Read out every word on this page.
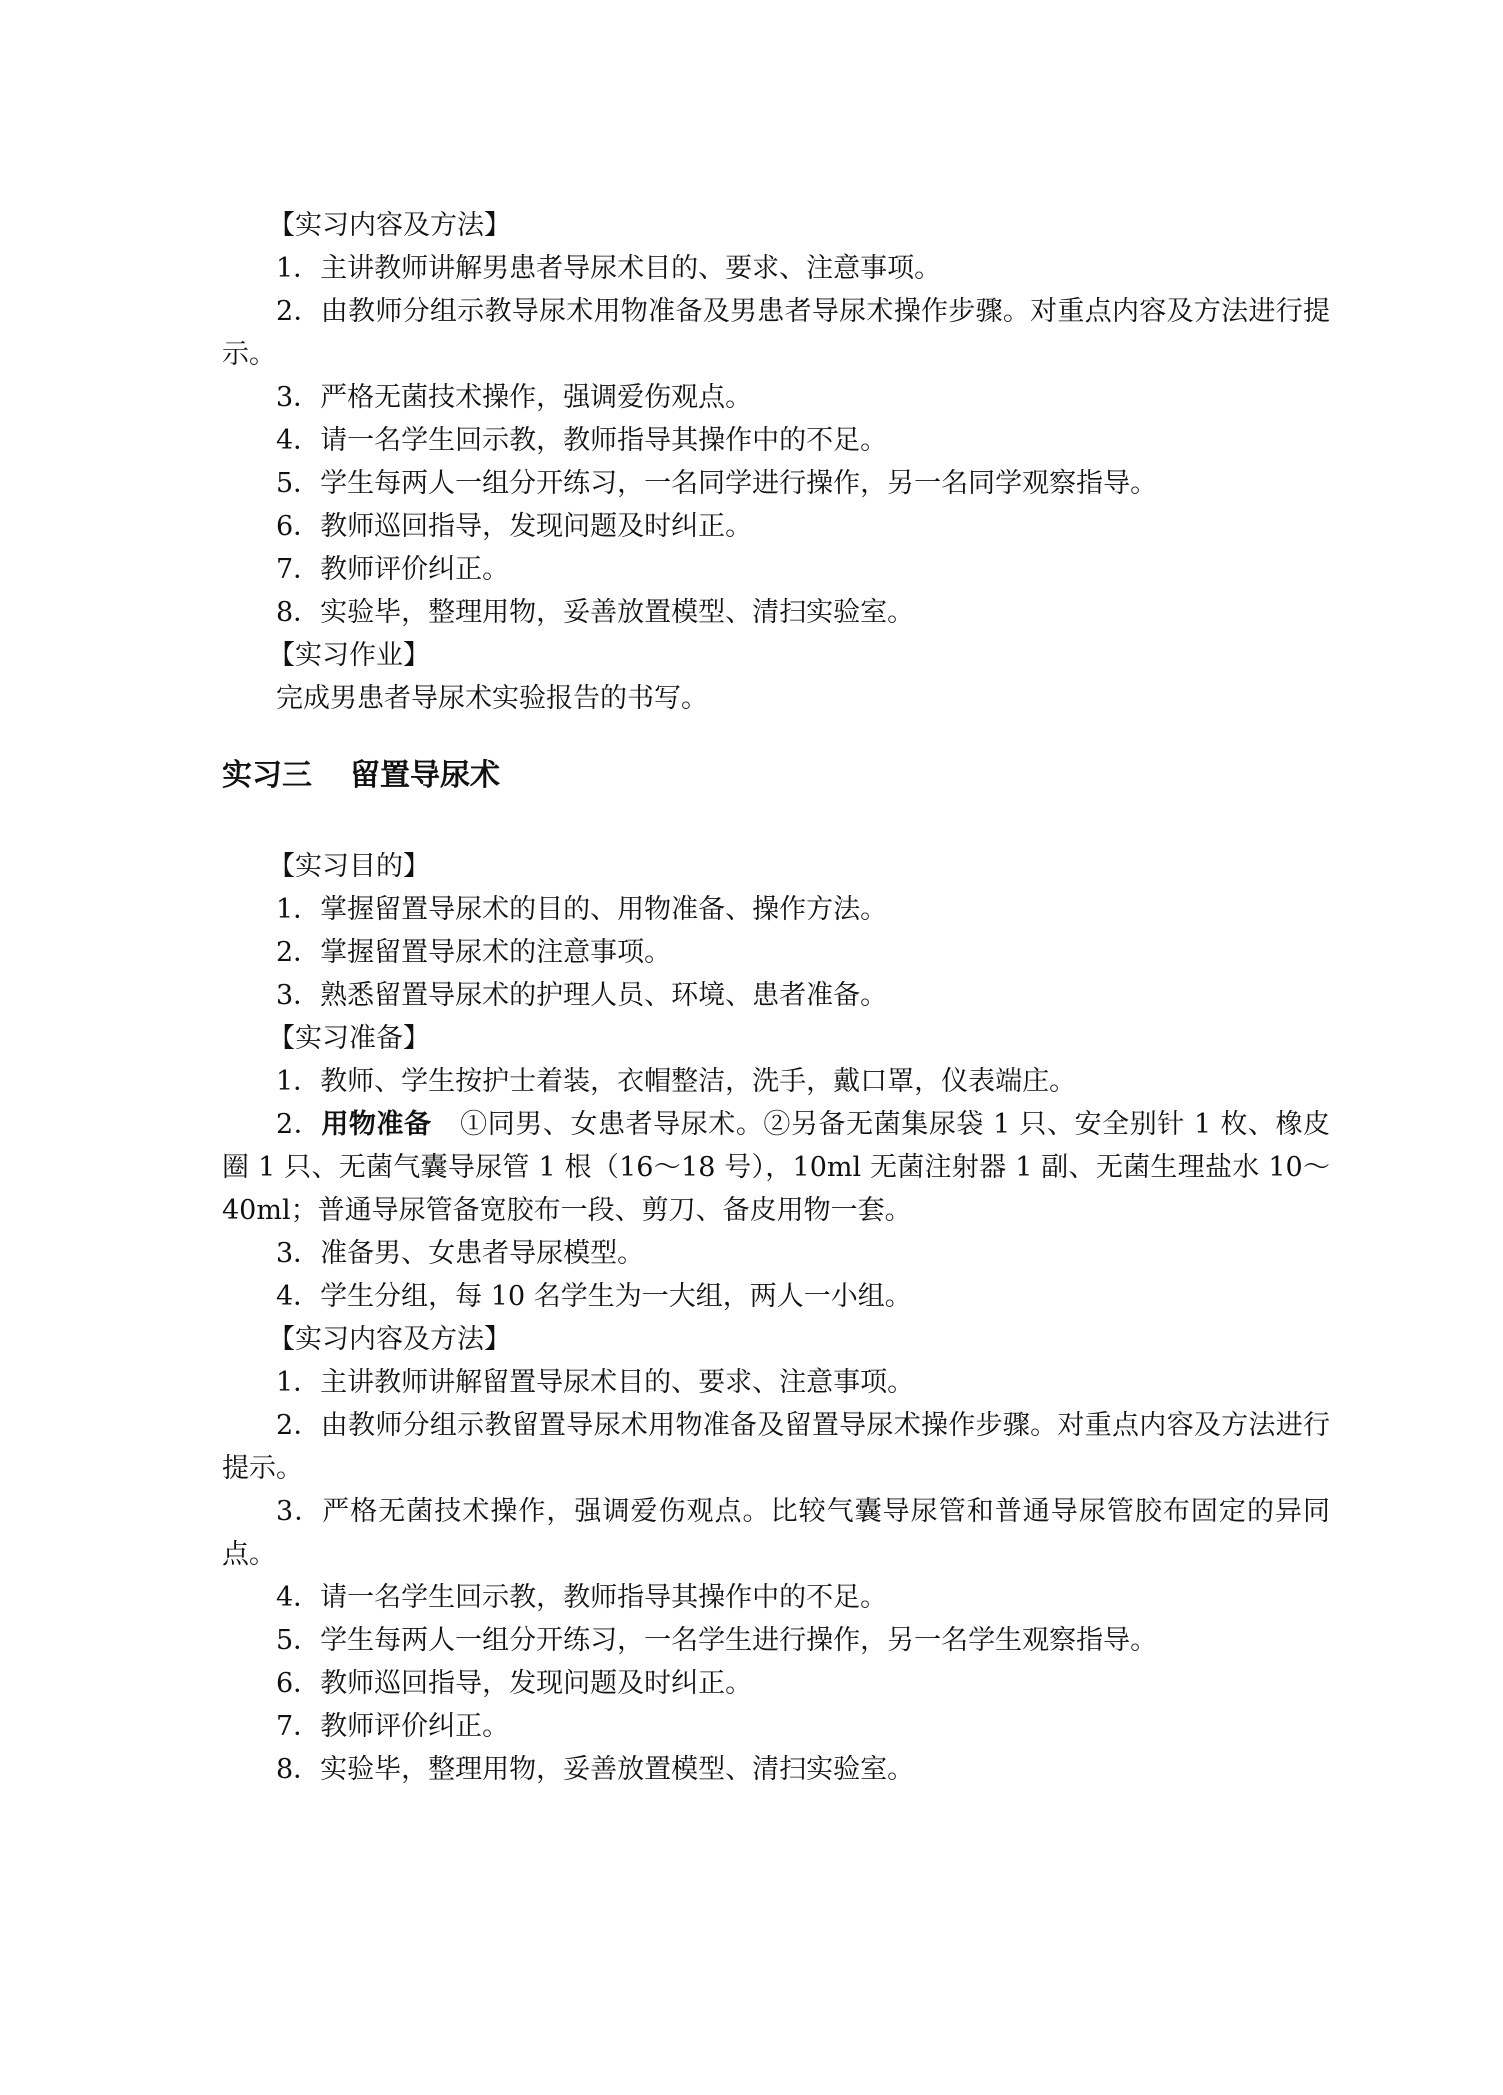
【实习内容及方法】
1．主讲教师讲解男患者导尿术目的、要求、注意事项。
2．由教师分组示教导尿术用物准备及男患者导尿术操作步骤。对重点内容及方法进行提示。
3．严格无菌技术操作，强调爱伤观点。
4．请一名学生回示教，教师指导其操作中的不足。
5．学生每两人一组分开练习，一名同学进行操作，另一名同学观察指导。
6．教师巡回指导，发现问题及时纠正。
7．教师评价纠正。
8．实验毕，整理用物，妥善放置模型、清扫实验室。
【实习作业】
完成男患者导尿术实验报告的书写。
实习三 留置导尿术
【实习目的】
1．掌握留置导尿术的目的、用物准备、操作方法。
2．掌握留置导尿术的注意事项。
3．熟悉留置导尿术的护理人员、环境、患者准备。
【实习准备】
1．教师、学生按护士着装，衣帽整洁，洗手，戴口罩，仪表端庄。
2．用物准备 ①同男、女患者导尿术。②另备无菌集尿袋 1 只、安全别针 1 枚、橡皮圈 1 只、无菌气囊导尿管 1 根（16～18 号），10ml 无菌注射器 1 副、无菌生理盐水 10～40ml；普通导尿管备宽胶布一段、剪刀、备皮用物一套。
3．准备男、女患者导尿模型。
4．学生分组，每 10 名学生为一大组，两人一小组。
【实习内容及方法】
1．主讲教师讲解留置导尿术目的、要求、注意事项。
2．由教师分组示教留置导尿术用物准备及留置导尿术操作步骤。对重点内容及方法进行提示。
3．严格无菌技术操作，强调爱伤观点。比较气囊导尿管和普通导尿管胶布固定的异同点。
4．请一名学生回示教，教师指导其操作中的不足。
5．学生每两人一组分开练习，一名学生进行操作，另一名学生观察指导。
6．教师巡回指导，发现问题及时纠正。
7．教师评价纠正。
8．实验毕，整理用物，妥善放置模型、清扫实验室。
